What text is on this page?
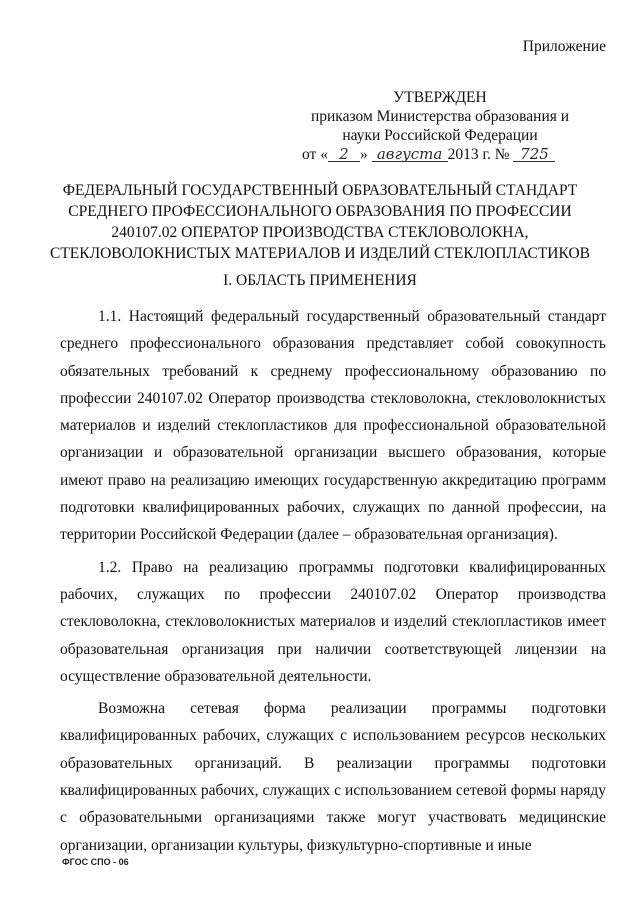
Приложение
УТВЕРЖДЕН
приказом Министерства образования и
науки Российской Федерации
от « 2 » августа 2013 г. № 725
ФЕДЕРАЛЬНЫЙ ГОСУДАРСТВЕННЫЙ ОБРАЗОВАТЕЛЬНЫЙ СТАНДАРТ
СРЕДНЕГО ПРОФЕССИОНАЛЬНОГО ОБРАЗОВАНИЯ ПО ПРОФЕССИИ
240107.02 ОПЕРАТОР ПРОИЗВОДСТВА СТЕКЛОВОЛОКНА,
СТЕКЛОВОЛОКНИСТЫХ МАТЕРИАЛОВ И ИЗДЕЛИЙ СТЕКЛОПЛАСТИКОВ
I. ОБЛАСТЬ ПРИМЕНЕНИЯ

1.1. Настоящий федеральный государственный образовательный стандарт среднего профессионального образования представляет собой совокупность обязательных требований к среднему профессиональному образованию по профессии 240107.02 Оператор производства стекловолокна, стекловолокнистых материалов и изделий стеклопластиков для профессиональной образовательной организации и образовательной организации высшего образования, которые имеют право на реализацию имеющих государственную аккредитацию программ подготовки квалифицированных рабочих, служащих по данной профессии, на территории Российской Федерации (далее – образовательная организация).

1.2. Право на реализацию программы подготовки квалифицированных рабочих, служащих по профессии 240107.02 Оператор производства стекловолокна, стекловолокнистых материалов и изделий стеклопластиков имеет образовательная организация при наличии соответствующей лицензии на осуществление образовательной деятельности.

Возможна сетевая форма реализации программы подготовки квалифицированных рабочих, служащих с использованием ресурсов нескольких образовательных организаций. В реализации программы подготовки квалифицированных рабочих, служащих с использованием сетевой формы наряду с образовательными организациями также могут участвовать медицинские организации, организации культуры, физкультурно-спортивные и иные

ФГОС СПО - 06
